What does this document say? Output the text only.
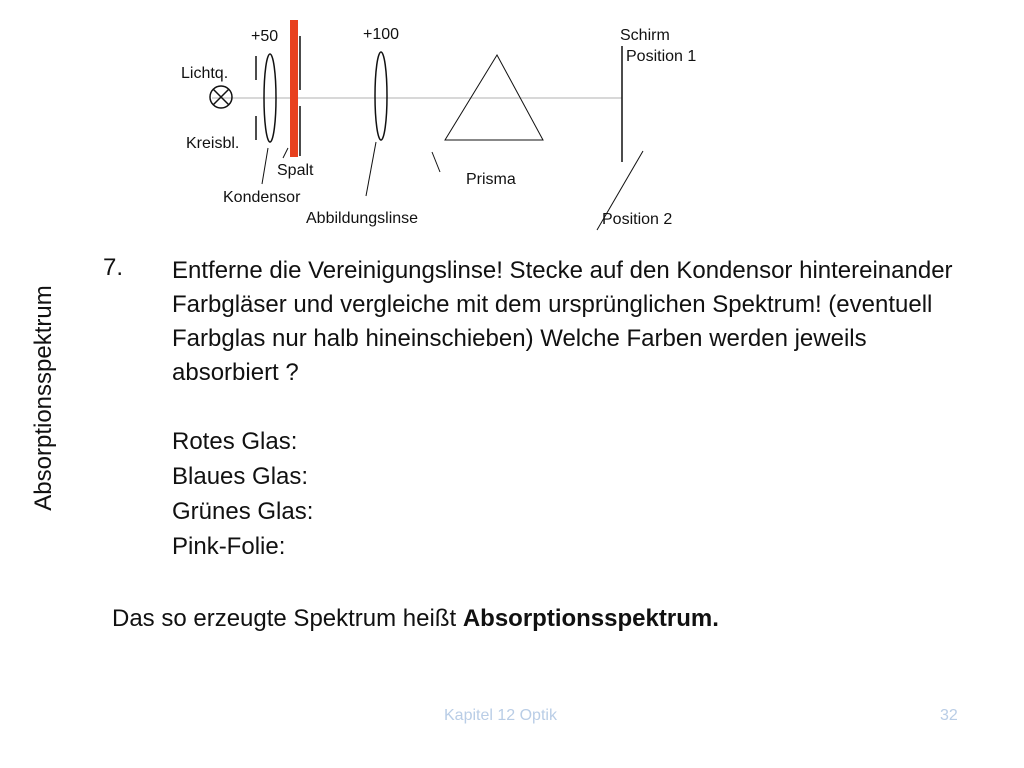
+50	+100
Lichtq.
Kreisbl.
Spalt
Kondensor
Abbildungslinse
Prisma
Schirm
Position 1
Position 2
Absorptionsspektrum
7. Entferne die Vereinigungslinse! Stecke auf den Kondensor hintereinander Farbgläser und vergleiche mit dem ursprünglichen Spektrum! (eventuell Farbglas nur halb hineinschieben) Welche Farben werden jeweils absorbiert ?
Rotes Glas:
Blaues Glas:
Grünes Glas:
Pink-Folie:
Das so erzeugte Spektrum heißt Absorptionsspektrum.
Kapitel 12 Optik	32
